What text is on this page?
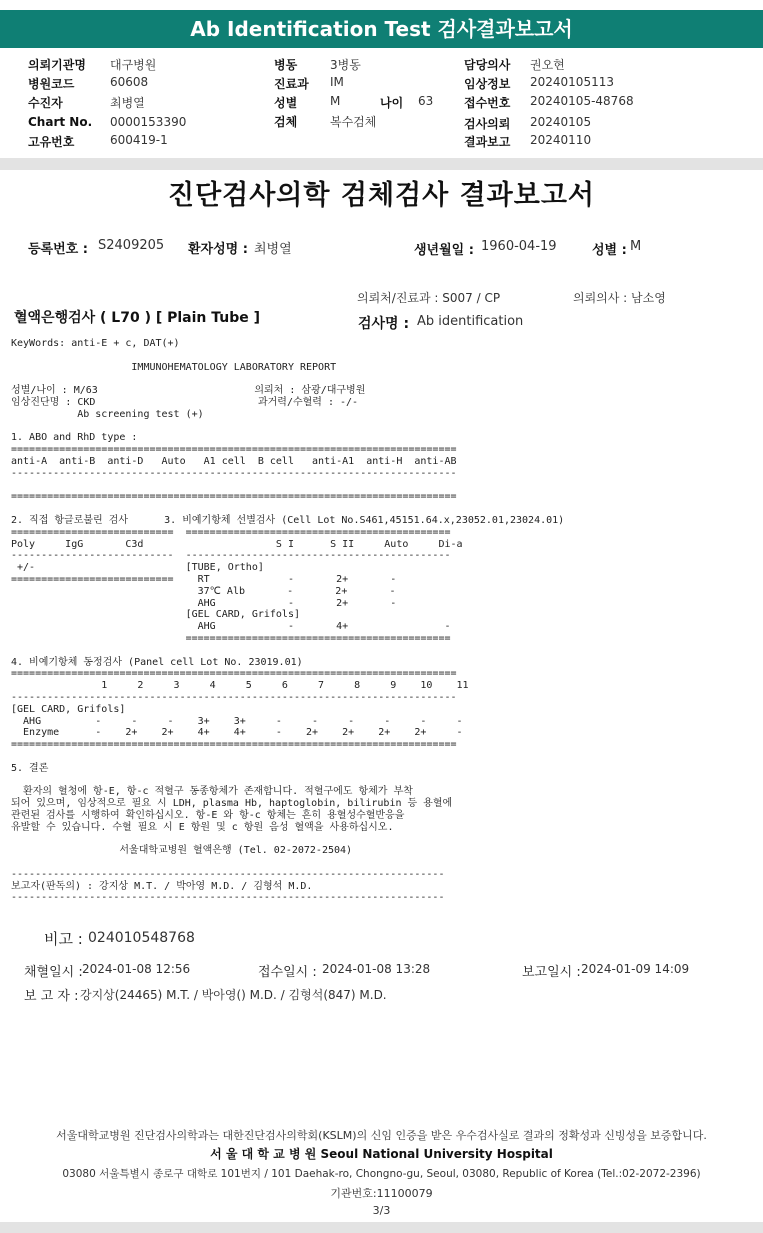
Ab Identification Test 검사결과보고서
의뢰기관명 대구병원
병원코드	60608
수진자	최병열
Chart No. 0000153390
고유번호	600419-1
병동	3병동
진료과 IM
성별	M	나이 63
검체	복수검체
담당의사 권오현
임상정보 20240105113
접수번호 20240105-48768
검사의뢰 20240105
결과보고 20240110
진단검사의학 검체검사 결과보고서
등록번호 : S2409205 환자성명 : 최병열	생년월일 : 1960-04-19	성별 : M
의뢰처/진료과 : S007 / CP	의뢰의사 : 남소영
혈액은행검사 ( L70 ) [ Plain Tube ]	검사명 : Ab identification
KeyWords: anti-E + c, DAT(+)
IMMUNOHEMATOLOGY LABORATORY REPORT
성별/나이 : M/63                          의뢰처 : 삼광/대구병원
임상진단명 : CKD                           과거력/수혈력 : -/-
Ab screening test (+)
1. ABO and RhD type :
==========================================================================
anti-A  anti-B  anti-D   Auto   A1 cell  B cell   anti-A1  anti-H  anti-AB
--------------------------------------------------------------------------
==========================================================================
2. 직접 항글로불린 검사      3. 비예기항체 선별검사 (Cell Lot No.S461,45151.64.x,23052.01,23024.01)
===========================  ============================================
Poly     IgG       C3d                      S I      S II     Auto     Di-a
---------------------------  --------------------------------------------
+/-                         [TUBE, Ortho]
===========================    RT             -       2+       -
37℃ Alb       -       2+       -
AHG            -       2+       -
[GEL CARD, Grifols]
AHG            -       4+                -
============================================
4. 비예기항체 동정검사 (Panel cell Lot No. 23019.01)
==========================================================================
1     2     3     4     5     6     7     8     9    10    11
--------------------------------------------------------------------------
[GEL CARD, Grifols]
AHG         -     -     -    3+    3+     -     -     -     -     -     -
Enzyme      -    2+    2+    4+    4+     -    2+    2+    2+    2+     -
==========================================================================
5. 결론
환자의 혈청에 항-E, 항-c 적혈구 동종항체가 존재합니다. 적혈구에도 항체가 부착
되어 있으며, 임상적으로 필요 시 LDH, plasma Hb, haptoglobin, bilirubin 등 용혈에
관련된 검사를 시행하여 확인하십시오. 항-E 와 항-c 항체는 흔히 용혈성수혈반응을
유발할 수 있습니다. 수혈 필요 시 E 항원 및 c 항원 음성 혈액을 사용하십시오.
서울대학교병원 혈액은행 (Tel. 02-2072-2504)
------------------------------------------------------------------------
보고자(판독의) : 강지상 M.T. / 박아영 M.D. / 김형석 M.D.
------------------------------------------------------------------------
비고 : 024010548768
채혈일시 : 2024-01-08 12:56	접수일시 : 2024-01-08 13:28	보고일시 : 2024-01-09 14:09
보 고 자 : 강지상(24465) M.T. / 박아영() M.D. / 김형석(847) M.D.
서울대학교병원 진단검사의학과는 대한진단검사의학회(KSLM)의 신임 인증을 받은 우수검사실로 결과의 정확성과 신빙성을 보증합니다.
서 울 대 학 교 병 원 Seoul National University Hospital
03080 서울특별시 종로구 대학로 101번지 / 101 Daehak-ro, Chongno-gu, Seoul, 03080, Republic of Korea (Tel.:02-2072-2396)
기관번호:11100079
3/3
